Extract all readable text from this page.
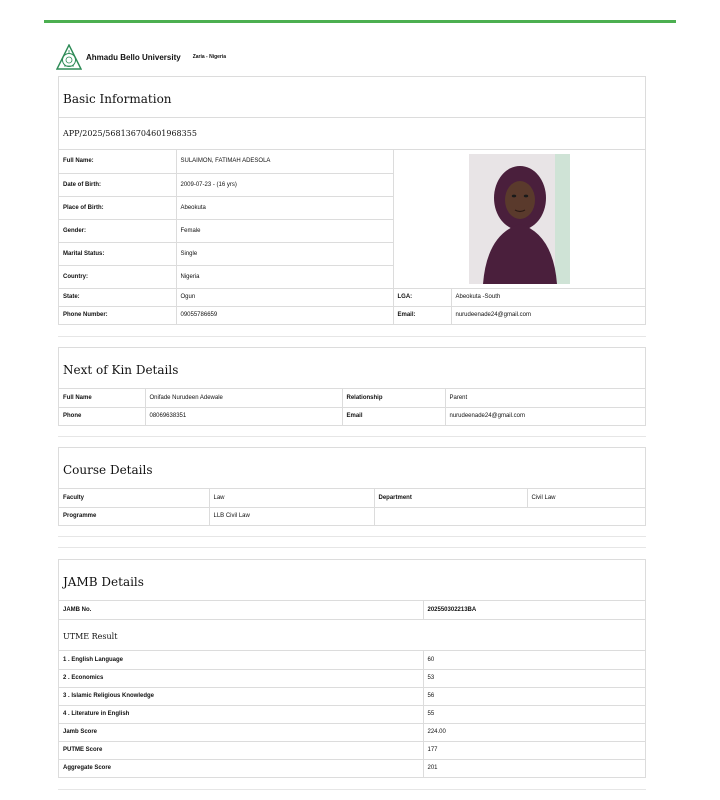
Ahmadu Bello University Zaria - Nigeria
Basic Information
APP/2025/568136704601968355
Full Name:	SULAIMON, FATIMAH ADESOLA	

Date of Birth:	2009-07-23 - (16 yrs)		
Place of Birth:	Abeokuta		
Gender:	Female		
Marital Status:	Single		
Country:	Nigeria		
State:	Ogun	LGA:	Abeokuta -South
Phone Number:	09055786659	Email:	nurudeenade24@gmail.com
Next of Kin Details
Full Name	Onifade Nurudeen Adewale	Relationship	Parent
Phone	08069638351	Email	nurudeenade24@gmail.com
Course Details
Faculty	Law	Department	Civil Law
Programme	LLB Civil Law		
JAMB Details
JAMB No.	202550302213BA
UTME Result
1 . English Language	60
2 . Economics	53
3 . Islamic Religious Knowledge	56
4 . Literature in English	55
Jamb Score	224.00
PUTME Score	177
Aggregate Score	201
